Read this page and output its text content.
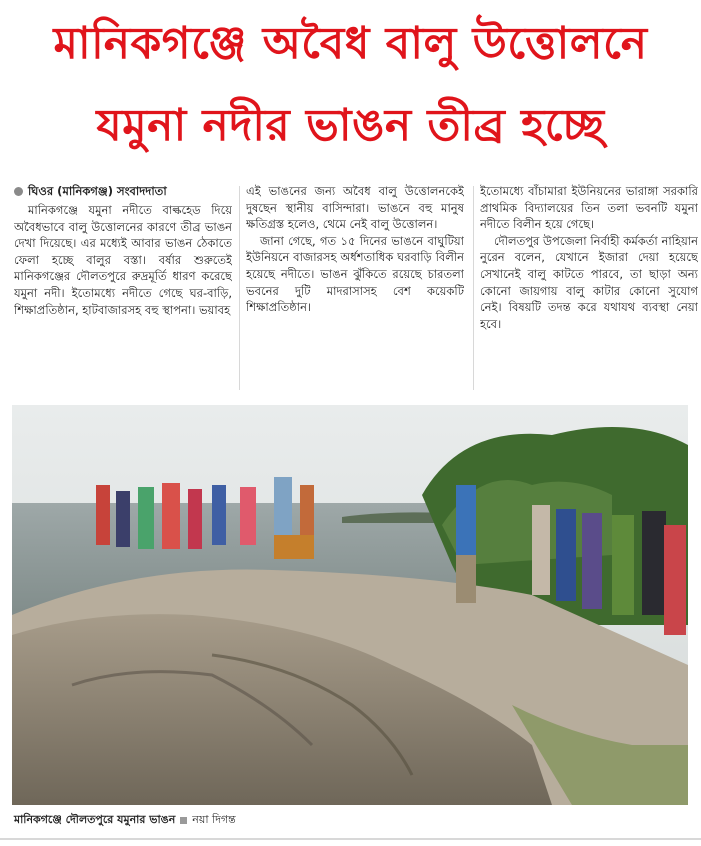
মানিকগঞ্জে অবৈধ বালু উত্তোলনে
যমুনা নদীর ভাঙন তীব্র হচ্ছে
ঘিওর (মানিকগঞ্জ) সংবাদদাতা

মানিকগঞ্জে যমুনা নদীতে বাল্কহেড দিয়ে অবৈধভাবে বালু উত্তোলনের কারণে তীব্র ভাঙন দেখা দিয়েছে। এর মধ্যেই আবার ভাঙন ঠেকাতে ফেলা হচ্ছে বালুর বস্তা। বর্ষার শুরুতেই মানিকগঞ্জের দৌলতপুরে রুদ্রমূর্তি ধারণ করেছে যমুনা নদী। ইতোমধ্যে নদীতে গেছে ঘর-বাড়ি, শিক্ষাপ্রতিষ্ঠান, হাটবাজারসহ বহু স্থাপনা। ভয়াবহ

এই ভাঙনের জন্য অবৈধ বালু উত্তোলনকেই দুষছেন স্থানীয় বাসিন্দারা। ভাঙনে বহু মানুষ ক্ষতিগ্রস্ত হলেও, থেমে নেই বালু উত্তোলন।

জানা গেছে, গত ১৫ দিনের ভাঙনে বাঘুটিয়া ইউনিয়নে বাজারসহ অর্ধশতাধিক ঘরবাড়ি বিলীন হয়েছে নদীতে। ভাঙন ঝুঁকিতে রয়েছে চারতলা ভবনের দুটি মাদরাসাসহ বেশ কয়েকটি শিক্ষাপ্রতিষ্ঠান।

ইতোমধ্যে বাঁচামারা ইউনিয়নের ভারাঙ্গা সরকারি প্রাথমিক বিদ্যালয়ের তিন তলা ভবনটি যমুনা নদীতে বিলীন হয়ে গেছে।

দৌলতপুর উপজেলা নির্বাহী কর্মকর্তা নাহিয়ান নুরেন বলেন, যেখানে ইজারা দেয়া হয়েছে সেখানেই বালু কাটতে পারবে, তা ছাড়া অন্য কোনো জায়গায় বালু কাটার কোনো সুযোগ নেই। বিষয়টি তদন্ত করে যথাযথ ব্যবস্থা নেয়া হবে।

মানিকগঞ্জে দৌলতপুরে যমুনার ভাঙন নয়া দিগন্ত
